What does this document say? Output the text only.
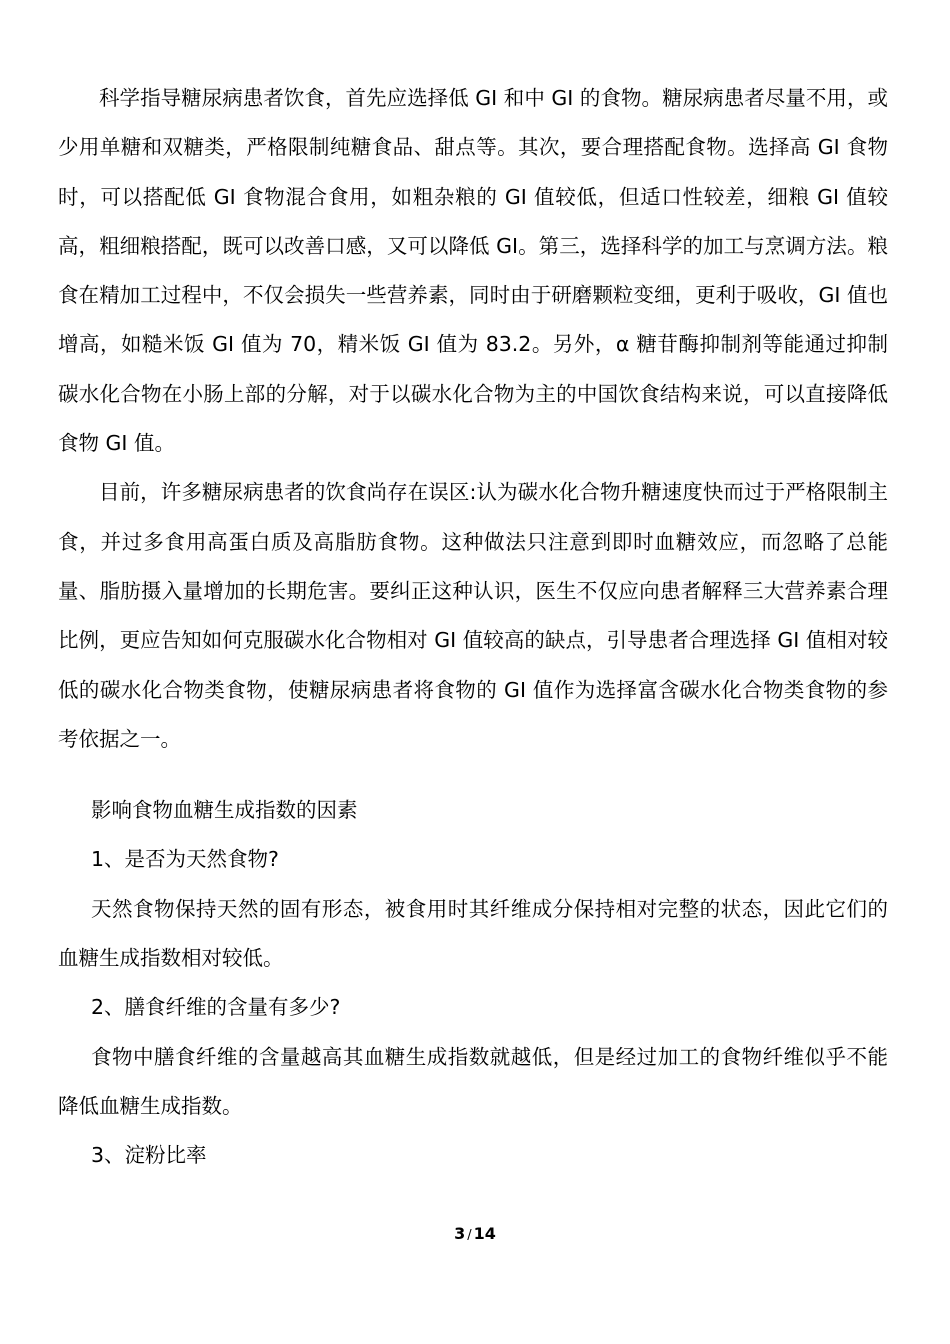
科学指导糖尿病患者饮食，首先应选择低 GI 和中 GI 的食物。糖尿病患者尽量不用，或少用单糖和双糖类，严格限制纯糖食品、甜点等。其次，要合理搭配食物。选择高 GI 食物时，可以搭配低 GI 食物混合食用，如粗杂粮的 GI 值较低，但适口性较差，细粮 GI 值较高，粗细粮搭配，既可以改善口感，又可以降低 GI。第三，选择科学的加工与烹调方法。粮食在精加工过程中，不仅会损失一些营养素，同时由于研磨颗粒变细，更利于吸收，GI 值也增高，如糙米饭 GI 值为 70，精米饭 GI 值为 83.2。另外，α 糖苷酶抑制剂等能通过抑制碳水化合物在小肠上部的分解，对于以碳水化合物为主的中国饮食结构来说，可以直接降低食物 GI 值。

目前，许多糖尿病患者的饮食尚存在误区:认为碳水化合物升糖速度快而过于严格限制主食，并过多食用高蛋白质及高脂肪食物。这种做法只注意到即时血糖效应，而忽略了总能量、脂肪摄入量增加的长期危害。要纠正这种认识，医生不仅应向患者解释三大营养素合理比例，更应告知如何克服碳水化合物相对 GI 值较高的缺点，引导患者合理选择 GI 值相对较低的碳水化合物类食物，使糖尿病患者将食物的 GI 值作为选择富含碳水化合物类食物的参考依据之一。

影响食物血糖生成指数的因素

1、是否为天然食物?

天然食物保持天然的固有形态，被食用时其纤维成分保持相对完整的状态，因此它们的血糖生成指数相对较低。

2、膳食纤维的含量有多少?

食物中膳食纤维的含量越高其血糖生成指数就越低，但是经过加工的食物纤维似乎不能降低血糖生成指数。

3、淀粉比率

3 / 14
